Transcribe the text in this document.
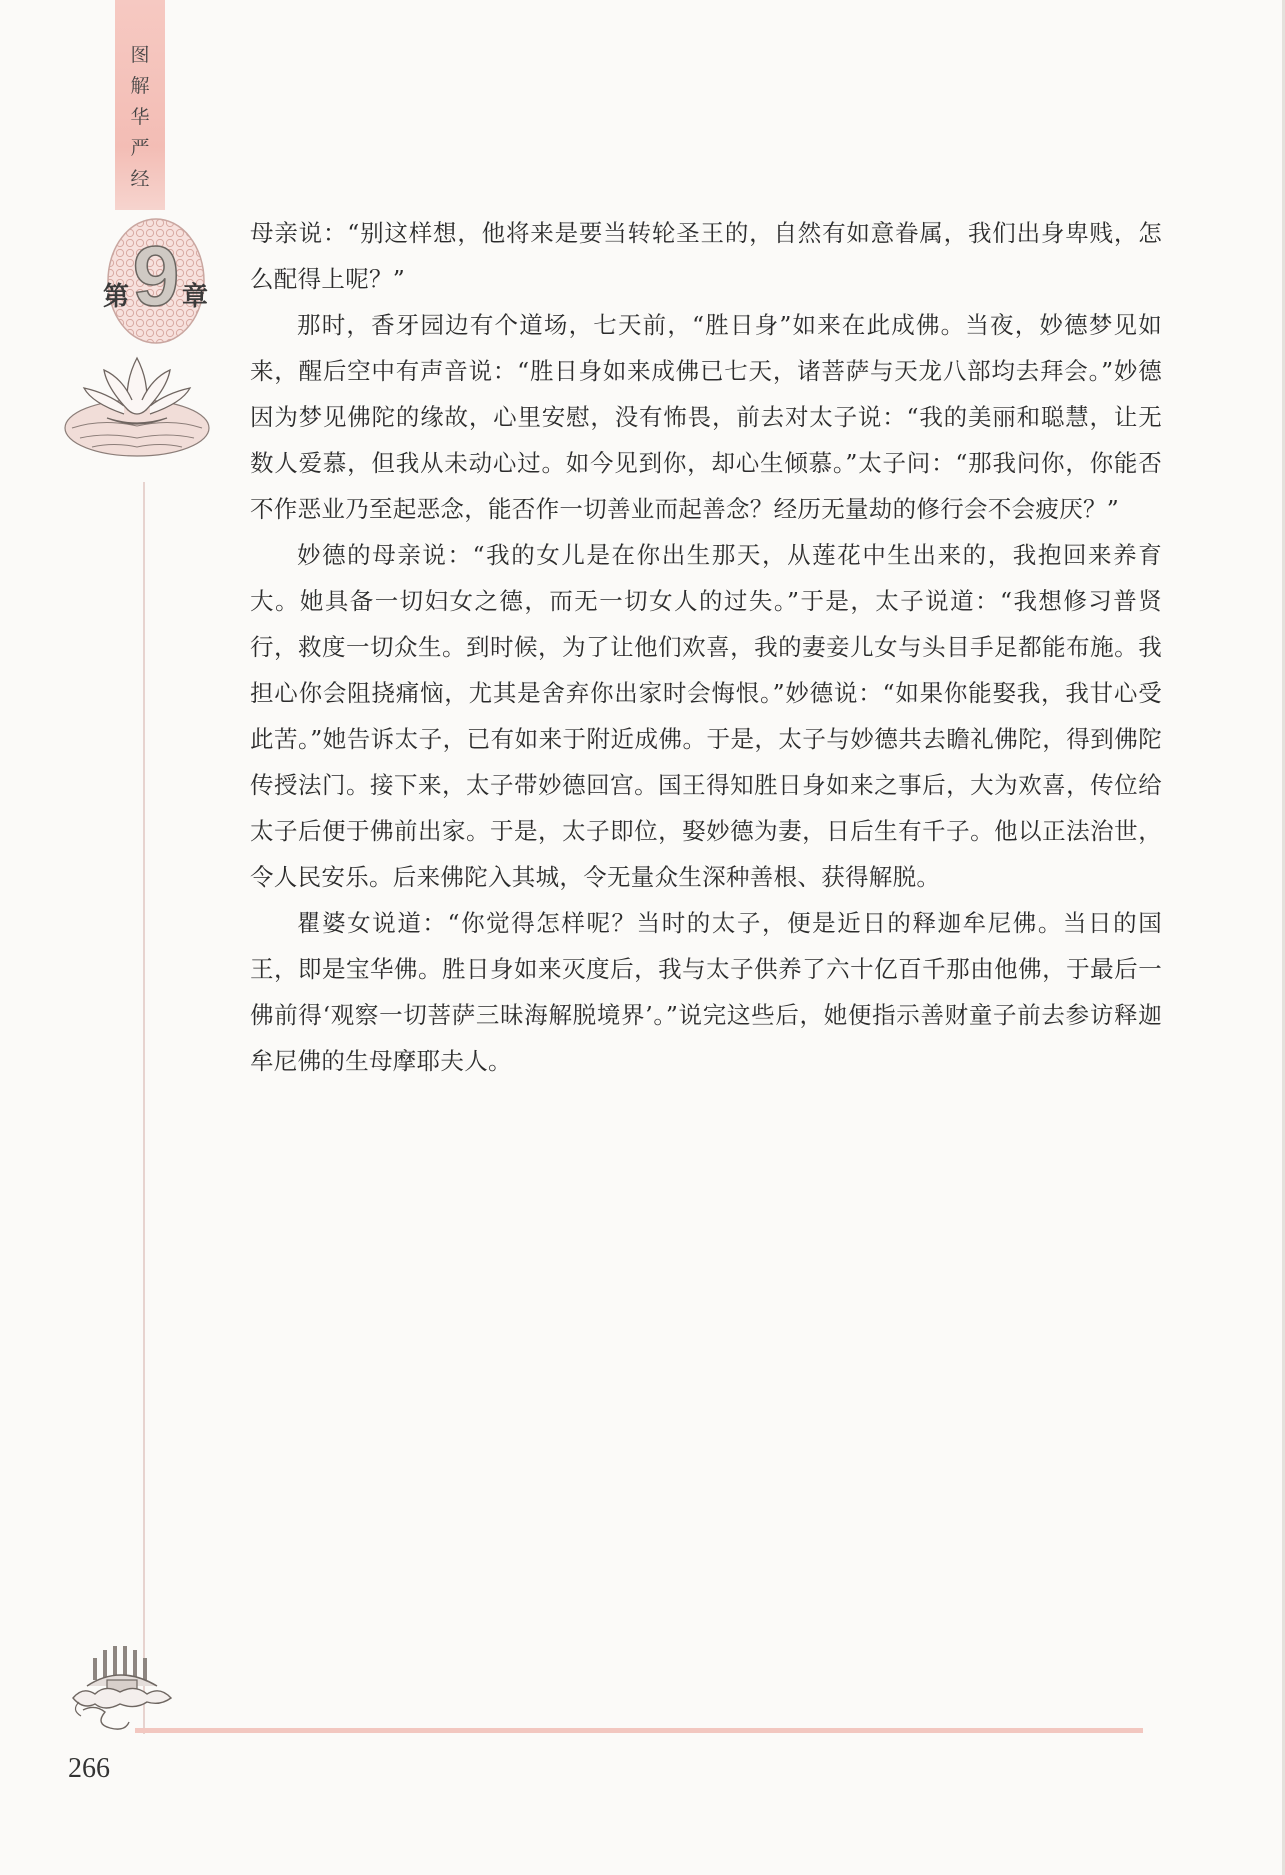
图
解
华
严
经
9
第 章

母亲说：“别这样想，他将来是要当转轮圣王的，自然有如意眷属，我们出身卑贱，怎么配得上呢？”

那时，香牙园边有个道场，七天前，“胜日身”如来在此成佛。当夜，妙德梦见如来，醒后空中有声音说：“胜日身如来成佛已七天，诸菩萨与天龙八部均去拜会。”妙德因为梦见佛陀的缘故，心里安慰，没有怖畏，前去对太子说：“我的美丽和聪慧，让无数人爱慕，但我从未动心过。如今见到你，却心生倾慕。”太子问：“那我问你，你能否不作恶业乃至起恶念，能否作一切善业而起善念？经历无量劫的修行会不会疲厌？”

妙德的母亲说：“我的女儿是在你出生那天，从莲花中生出来的，我抱回来养育大。她具备一切妇女之德，而无一切女人的过失。”于是，太子说道：“我想修习普贤行，救度一切众生。到时候，为了让他们欢喜，我的妻妾儿女与头目手足都能布施。我担心你会阻挠痛恼，尤其是舍弃你出家时会悔恨。”妙德说：“如果你能娶我，我甘心受此苦。”她告诉太子，已有如来于附近成佛。于是，太子与妙德共去瞻礼佛陀，得到佛陀传授法门。接下来，太子带妙德回宫。国王得知胜日身如来之事后，大为欢喜，传位给太子后便于佛前出家。于是，太子即位，娶妙德为妻，日后生有千子。他以正法治世，令人民安乐。后来佛陀入其城，令无量众生深种善根、获得解脱。

瞿婆女说道：“你觉得怎样呢？当时的太子，便是近日的释迦牟尼佛。当日的国王，即是宝华佛。胜日身如来灭度后，我与太子供养了六十亿百千那由他佛，于最后一佛前得‘观察一切菩萨三昧海解脱境界’。”说完这些后，她便指示善财童子前去参访释迦牟尼佛的生母摩耶夫人。

266
